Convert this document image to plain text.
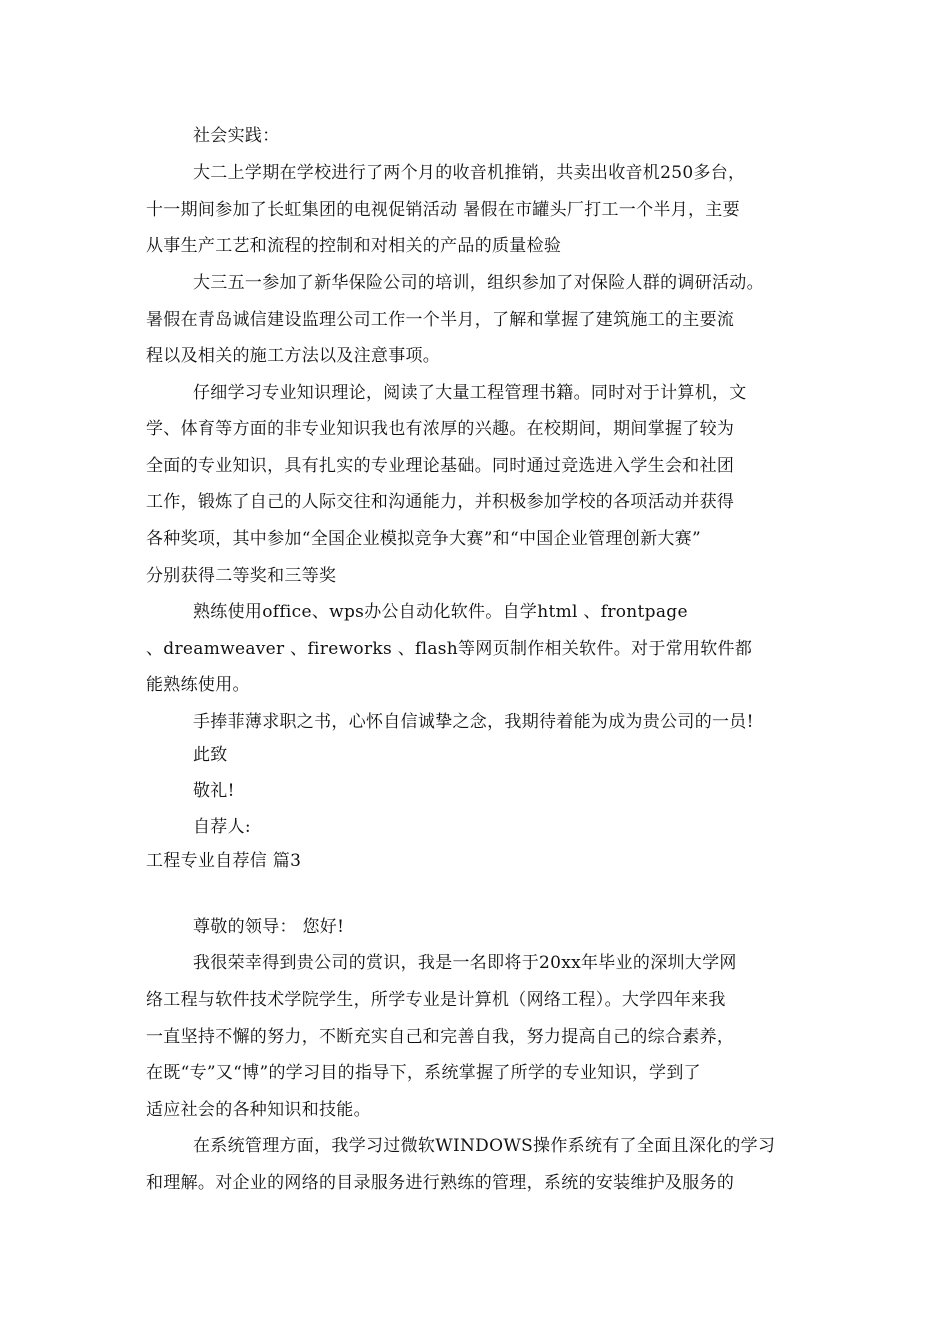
社会实践：
大二上学期在学校进行了两个月的收音机推销，共卖出收音机250多台，
十一期间参加了长虹集团的电视促销活动 暑假在市罐头厂打工一个半月，主要
从事生产工艺和流程的控制和对相关的产品的质量检验
大三五一参加了新华保险公司的培训，组织参加了对保险人群的调研活动。
暑假在青岛诚信建设监理公司工作一个半月，了解和掌握了建筑施工的主要流
程以及相关的施工方法以及注意事项。
仔细学习专业知识理论，阅读了大量工程管理书籍。同时对于计算机，文
学、体育等方面的非专业知识我也有浓厚的兴趣。在校期间，期间掌握了较为
全面的专业知识，具有扎实的专业理论基础。同时通过竞选进入学生会和社团
工作，锻炼了自己的人际交往和沟通能力，并积极参加学校的各项活动并获得
各种奖项，其中参加“全国企业模拟竞争大赛”和“中国企业管理创新大赛”
分别获得二等奖和三等奖
熟练使用office、wps办公自动化软件。自学html 、frontpage
、dreamweaver 、fireworks 、flash等网页制作相关软件。对于常用软件都
能熟练使用。
手捧菲薄求职之书，心怀自信诚挚之念，我期待着能为成为贵公司的一员!
此致
敬礼!
自荐人:
工程专业自荐信 篇3
尊敬的领导： 您好!
我很荣幸得到贵公司的赏识，我是一名即将于20xx年毕业的深圳大学网
络工程与软件技术学院学生，所学专业是计算机（网络工程）。大学四年来我
一直坚持不懈的努力，不断充实自己和完善自我，努力提高自己的综合素养，
在既“专”又“博”的学习目的指导下，系统掌握了所学的专业知识，学到了
适应社会的各种知识和技能。
在系统管理方面，我学习过微软WINDOWS操作系统有了全面且深化的学习
和理解。对企业的网络的目录服务进行熟练的管理，系统的安装维护及服务的
